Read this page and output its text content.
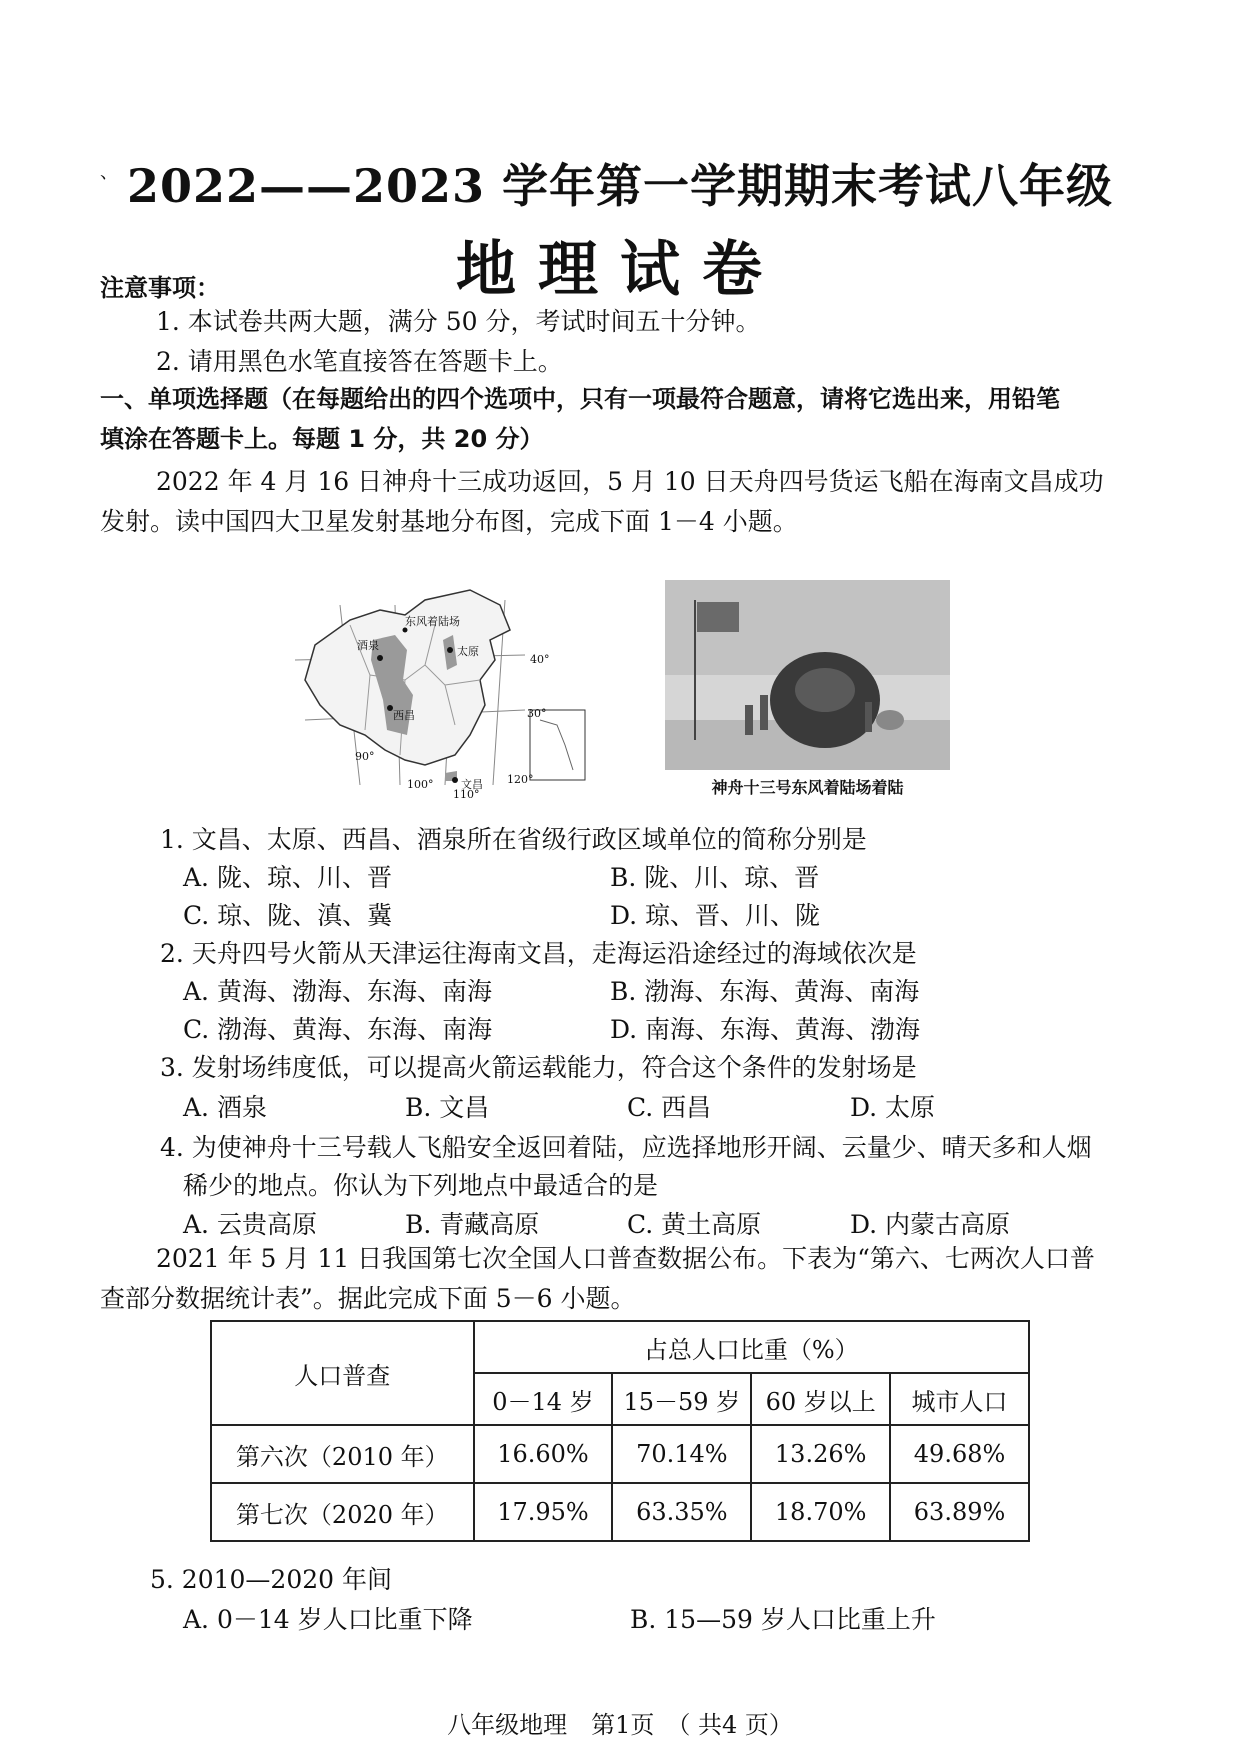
、 2022——2023 学年第一学期期末考试八年级
地理试卷
注意事项：
1. 本试卷共两大题，满分 50 分，考试时间五十分钟。
2. 请用黑色水笔直接答在答题卡上。
一、单项选择题（在每题给出的四个选项中，只有一项最符合题意，请将它选出来，用铅笔
填涂在答题卡上。每题 1 分，共 20 分）
2022 年 4 月 16 日神舟十三成功返回，5 月 10 日天舟四号货运飞船在海南文昌成功
发射。读中国四大卫星发射基地分布图，完成下面 1－4 小题。
酒泉
东风着陆场
太原
西昌
文昌
40°
30°
90°
100°
110°
120°	神舟十三号东风着陆场着陆
1. 文昌、太原、西昌、酒泉所在省级行政区域单位的简称分别是
A. 陇、琼、川、晋	B. 陇、川、琼、晋
C. 琼、陇、滇、冀	D. 琼、晋、川、陇
2. 天舟四号火箭从天津运往海南文昌，走海运沿途经过的海域依次是
A. 黄海、渤海、东海、南海	B. 渤海、东海、黄海、南海
C. 渤海、黄海、东海、南海	D. 南海、东海、黄海、渤海
3. 发射场纬度低，可以提高火箭运载能力，符合这个条件的发射场是
A. 酒泉	B. 文昌	C. 西昌	D. 太原
4. 为使神舟十三号载人飞船安全返回着陆，应选择地形开阔、云量少、晴天多和人烟
稀少的地点。你认为下列地点中最适合的是
A. 云贵高原	B. 青藏高原	C. 黄土高原	D. 内蒙古高原
2021 年 5 月 11 日我国第七次全国人口普查数据公布。下表为“第六、七两次人口普
查部分数据统计表”。据此完成下面 5－6 小题。
人口普查	占总人口比重（%）			
	0－14 岁	15－59 岁	60 岁以上	城市人口
第六次（2010 年）	16.60%	70.14%	13.26%	49.68%
第七次（2020 年）	17.95%	63.35%	18.70%	63.89%
5. 2010—2020 年间
A. 0－14 岁人口比重下降	B. 15—59 岁人口比重上升
八年级地理　第1页　（ 共4 页）
